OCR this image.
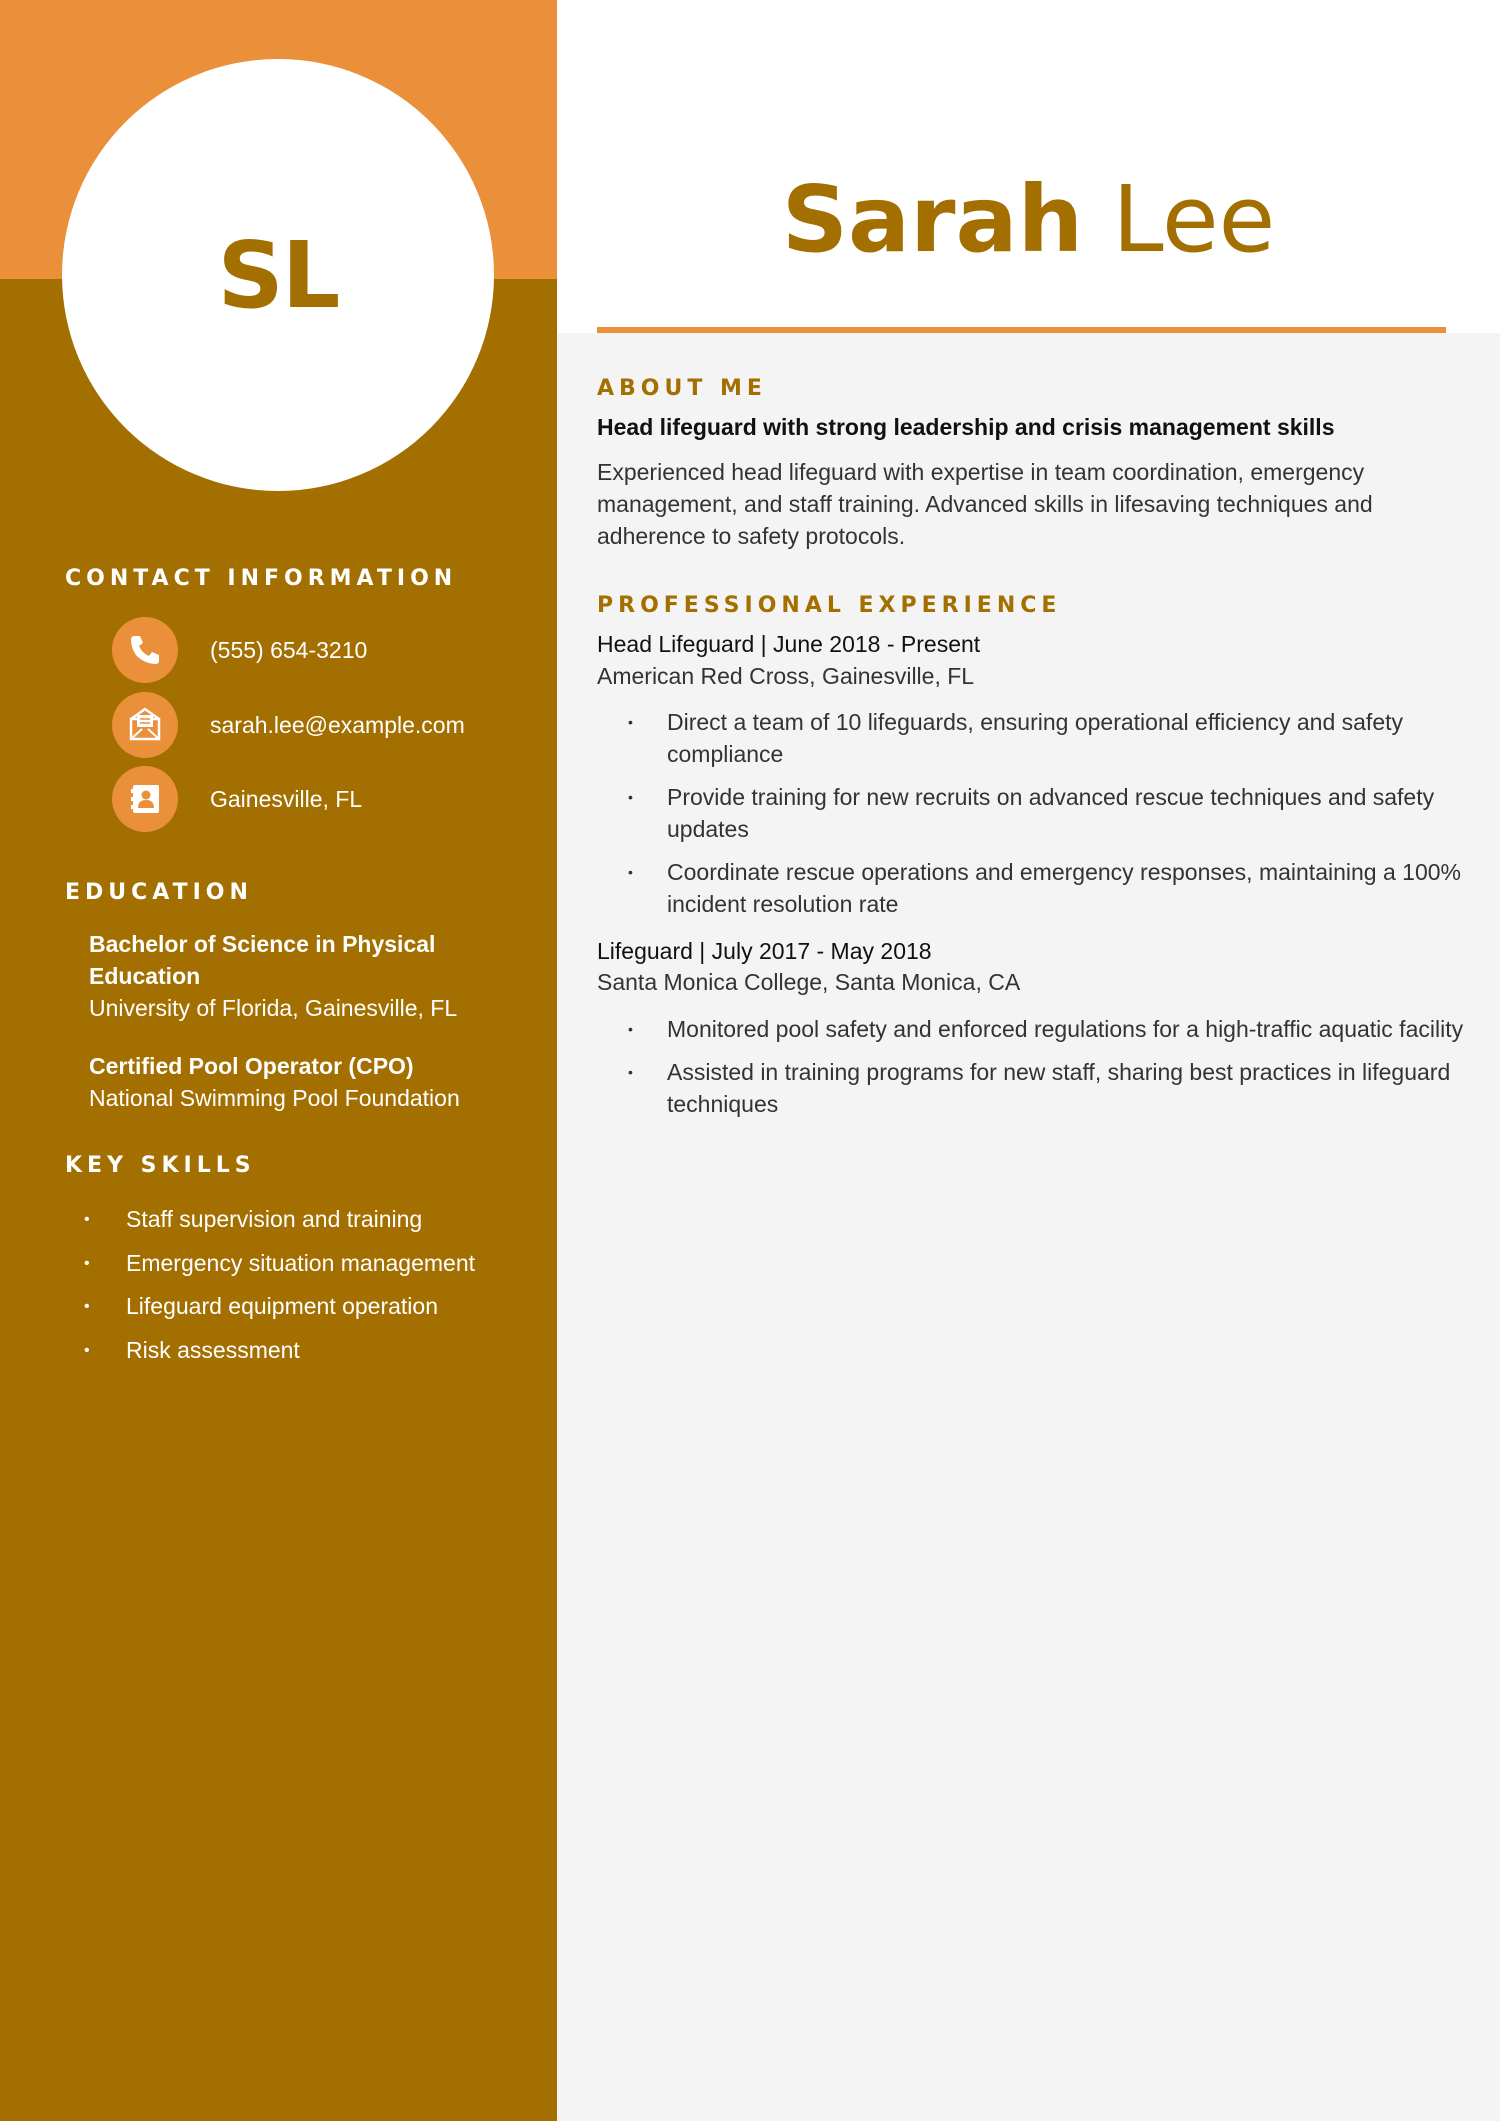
SL
CONTACT INFORMATION
(555) 654-3210
sarah.lee@example.com
Gainesville, FL
EDUCATION
Bachelor of Science in Physical Education
University of Florida, Gainesville, FL
Certified Pool Operator (CPO)
National Swimming Pool Foundation
KEY SKILLS
• Staff supervision and training
• Emergency situation management
• Lifeguard equipment operation
• Risk assessment
Sarah Lee
ABOUT ME
Head lifeguard with strong leadership and crisis management skills
Experienced head lifeguard with expertise in team coordination, emergency management, and staff training. Advanced skills in lifesaving techniques and adherence to safety protocols.
PROFESSIONAL EXPERIENCE
Head Lifeguard | June 2018 - Present
American Red Cross, Gainesville, FL
• Direct a team of 10 lifeguards, ensuring operational efficiency and safety compliance
• Provide training for new recruits on advanced rescue techniques and safety updates
• Coordinate rescue operations and emergency responses, maintaining a 100% incident resolution rate
Lifeguard | July 2017 - May 2018
Santa Monica College, Santa Monica, CA
• Monitored pool safety and enforced regulations for a high-traffic aquatic facility
• Assisted in training programs for new staff, sharing best practices in lifeguard techniques
